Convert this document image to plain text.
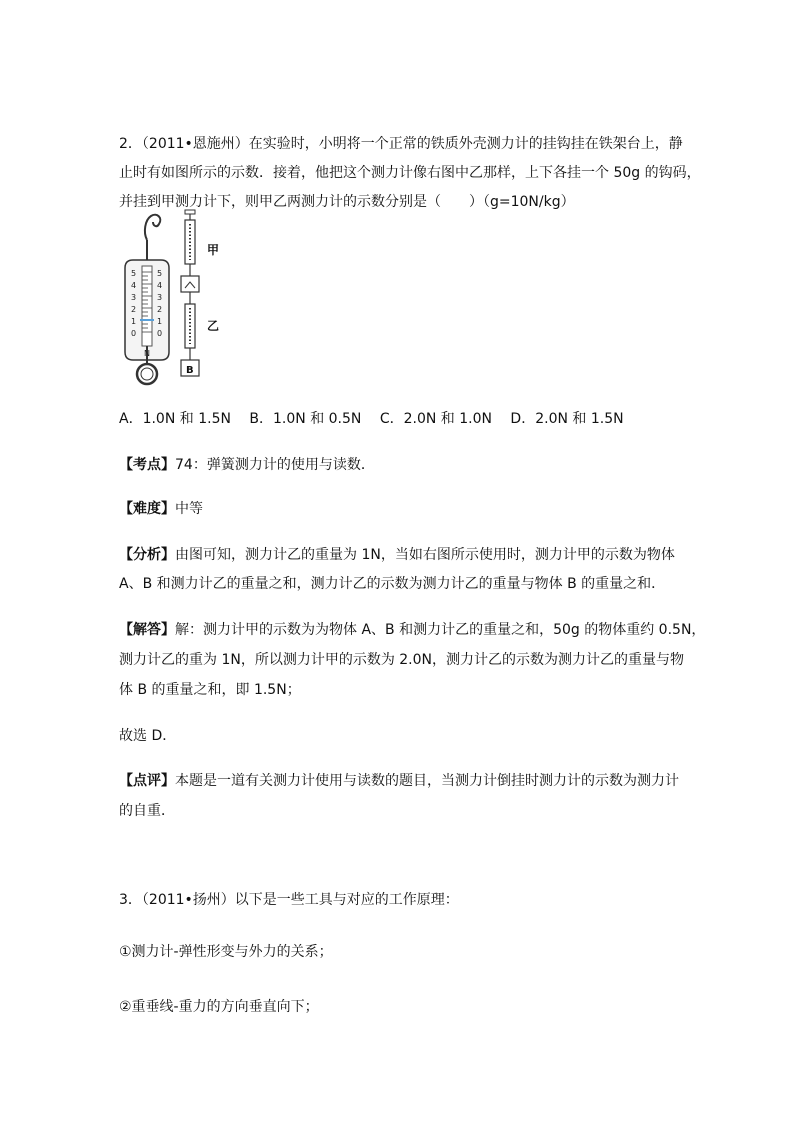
2．（2011•恩施州）在实验时，小明将一个正常的铁质外壳测力计的挂钩挂在铁架台上，静
止时有如图所示的示数．接着，他把这个测力计像右图中乙那样，上下各挂一个 50g 的钩码，
并挂到甲测力计下，则甲乙两测力计的示数分别是（　　）（g=10N/kg）
5
4
3
2
1
0
5
4
3
2
1
0
N
甲
乙
B
A．1.0N 和 1.5N　 B．1.0N 和 0.5N　 C．2.0N 和 1.0N　 D．2.0N 和 1.5N
【考点】74：弹簧测力计的使用与读数．
【难度】中等
【分析】由图可知，测力计乙的重量为 1N，当如右图所示使用时，测力计甲的示数为物体
A、B 和测力计乙的重量之和，测力计乙的示数为测力计乙的重量与物体 B 的重量之和．
【解答】解：测力计甲的示数为为物体 A、B 和测力计乙的重量之和，50g 的物体重约 0.5N，
测力计乙的重为 1N，所以测力计甲的示数为 2.0N，测力计乙的示数为测力计乙的重量与物
体 B 的重量之和，即 1.5N；
故选 D．
【点评】本题是一道有关测力计使用与读数的题目，当测力计倒挂时测力计的示数为测力计
的自重．
3．（2011•扬州）以下是一些工具与对应的工作原理：
①测力计-弹性形变与外力的关系；
②重垂线-重力的方向垂直向下；
